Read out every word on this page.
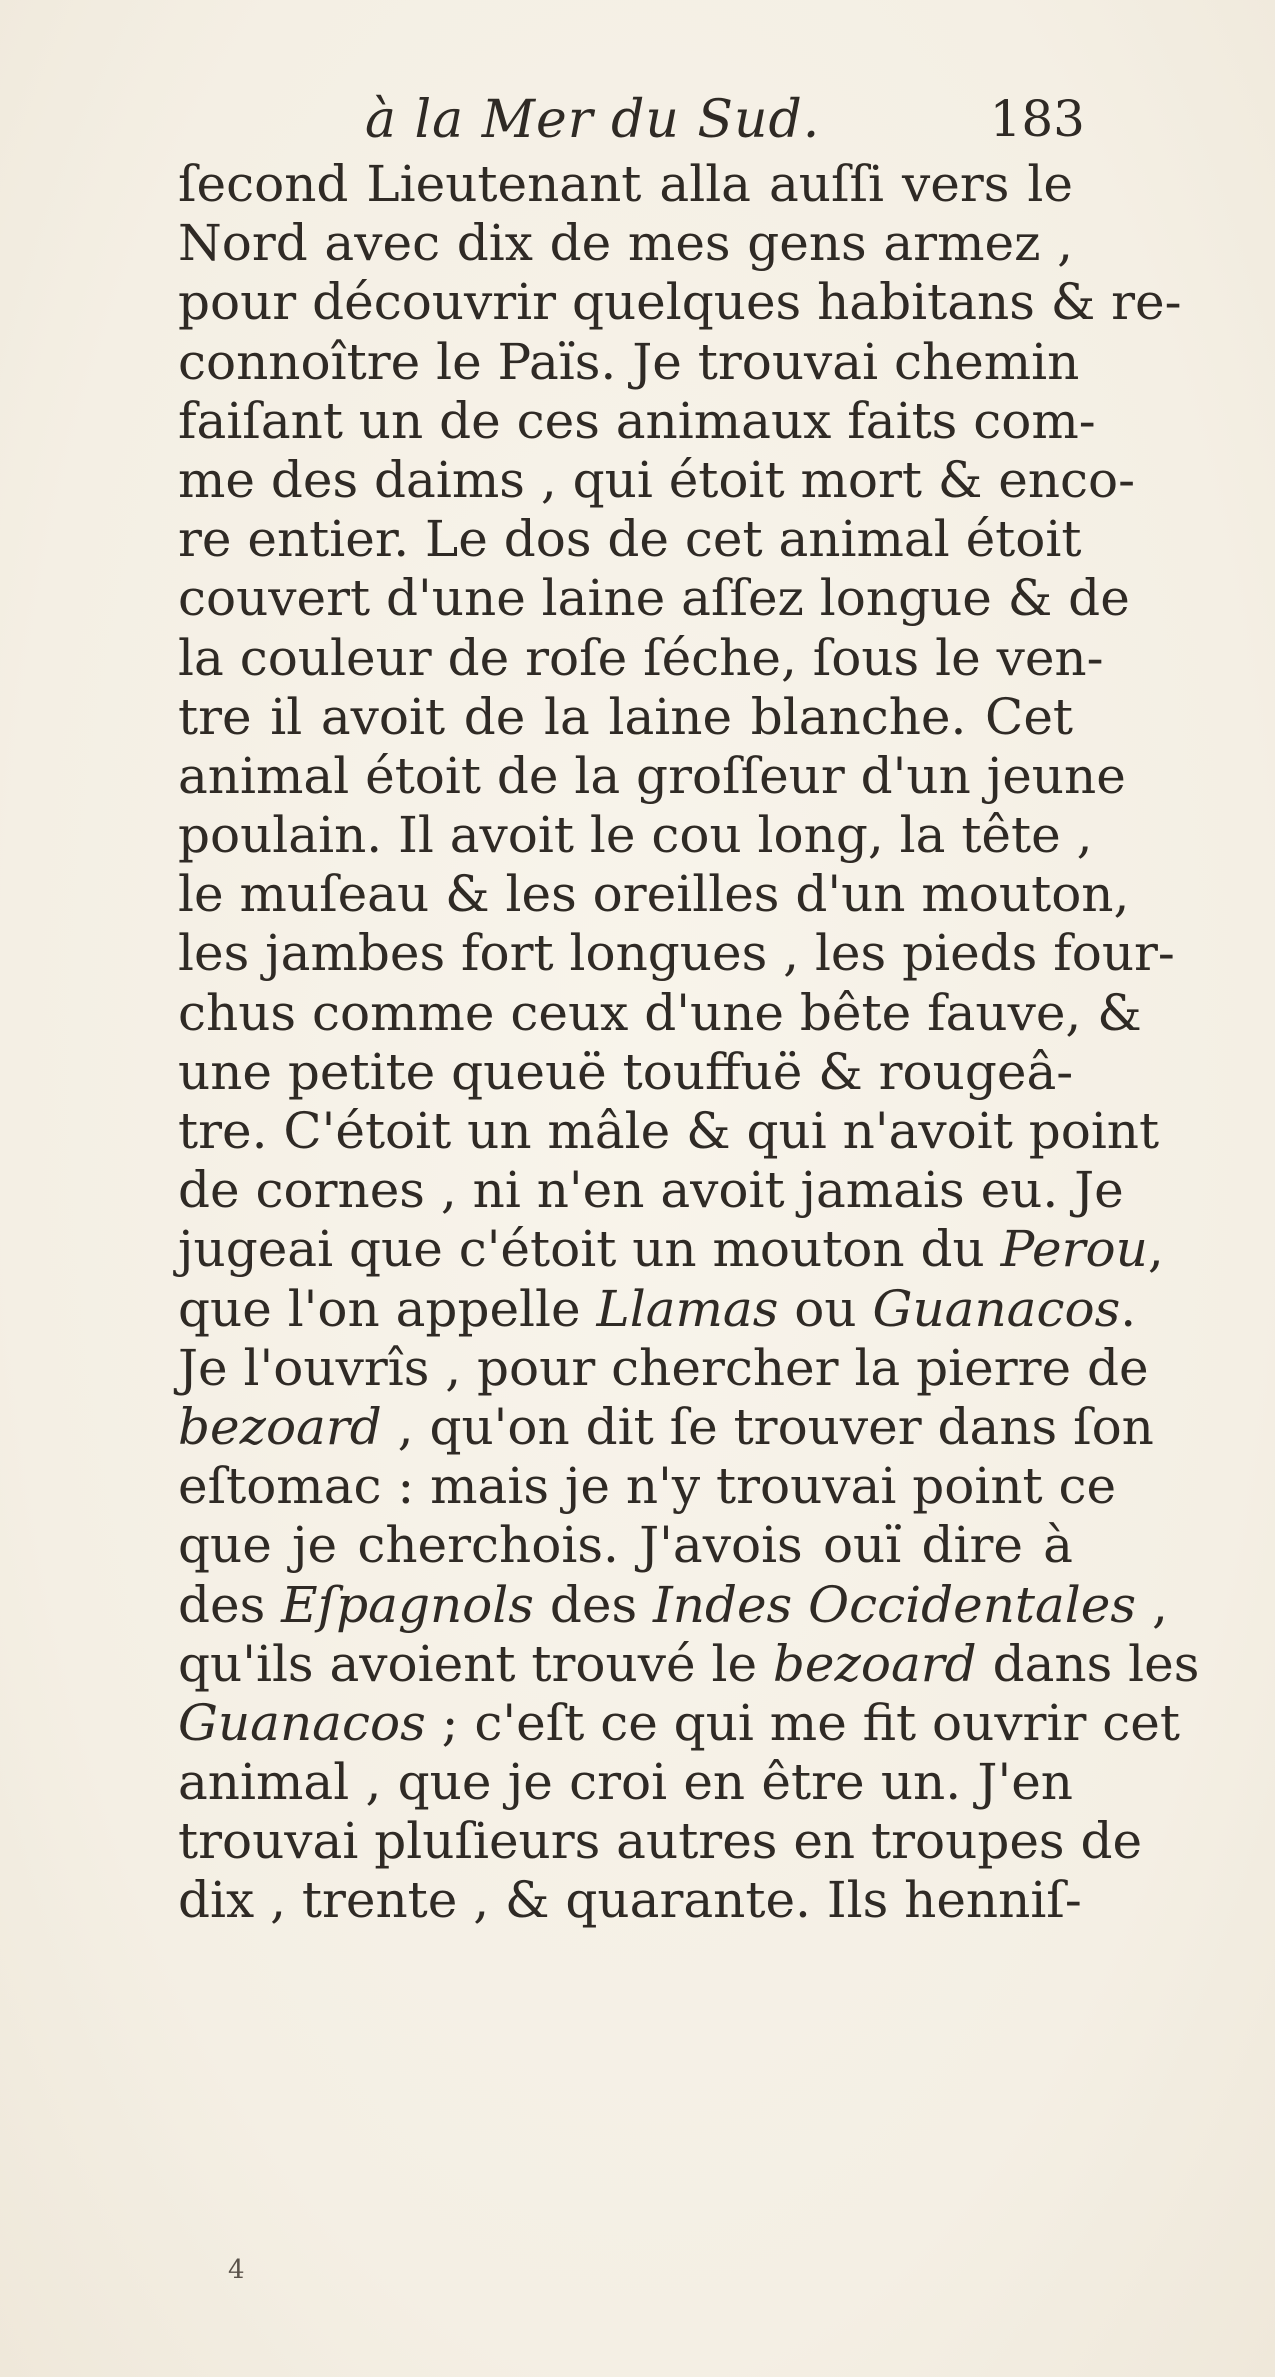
à la Mer du Sud.	183
ſecond Lieutenant alla auſſi vers le
Nord avec dix de mes gens armez ,
pour découvrir quelques habitans & re-
connoître le Païs. Je trouvai chemin
faiſant un de ces animaux faits com-
me des daims , qui étoit mort & enco-
re entier. Le dos de cet animal étoit
couvert d'une laine aſſez longue & de
la couleur de roſe ſéche, ſous le ven-
tre il avoit de la laine blanche. Cet
animal étoit de la groſſeur d'un jeune
poulain. Il avoit le cou long, la tête ,
le muſeau & les oreilles d'un mouton,
les jambes fort longues , les pieds four-
chus comme ceux d'une bête fauve, &
une petite queuë touffuë & rougeâ-
tre. C'étoit un mâle & qui n'avoit point
de cornes , ni n'en avoit jamais eu. Je
jugeai que c'étoit un mouton du Perou,
que l'on appelle Llamas ou Guanacos.
Je l'ouvrîs , pour chercher la pierre de
bezoard , qu'on dit ſe trouver dans ſon
eſtomac : mais je n'y trouvai point ce
que je cherchois. J'avois ouï dire à
des Eſpagnols des Indes Occidentales ,
qu'ils avoient trouvé le bezoard dans les
Guanacos ; c'eſt ce qui me fit ouvrir cet
animal , que je croi en être un. J'en
trouvai pluſieurs autres en troupes de
dix , trente , & quarante. Ils henniſ-
4
